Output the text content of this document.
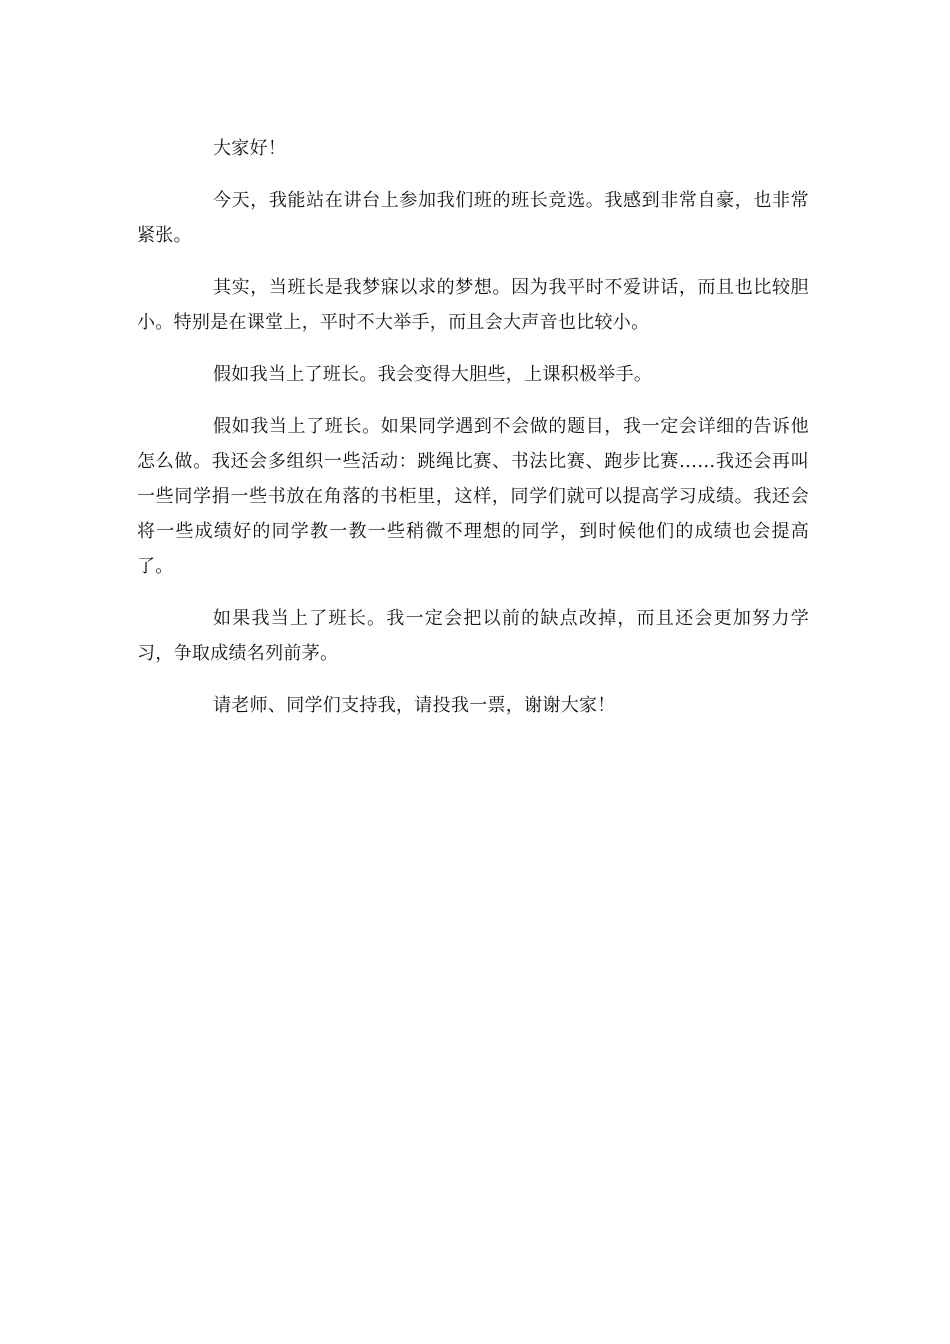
大家好！

今天，我能站在讲台上参加我们班的班长竞选。我感到非常自豪，也非常紧张。

其实，当班长是我梦寐以求的梦想。因为我平时不爱讲话，而且也比较胆小。特别是在课堂上，平时不大举手，而且会大声音也比较小。

假如我当上了班长。我会变得大胆些，上课积极举手。

假如我当上了班长。如果同学遇到不会做的题目，我一定会详细的告诉他怎么做。我还会多组织一些活动：跳绳比赛、书法比赛、跑步比赛……我还会再叫一些同学捐一些书放在角落的书柜里，这样，同学们就可以提高学习成绩。我还会将一些成绩好的同学教一教一些稍微不理想的同学，到时候他们的成绩也会提高了。

如果我当上了班长。我一定会把以前的缺点改掉，而且还会更加努力学习，争取成绩名列前茅。

请老师、同学们支持我，请投我一票，谢谢大家！
